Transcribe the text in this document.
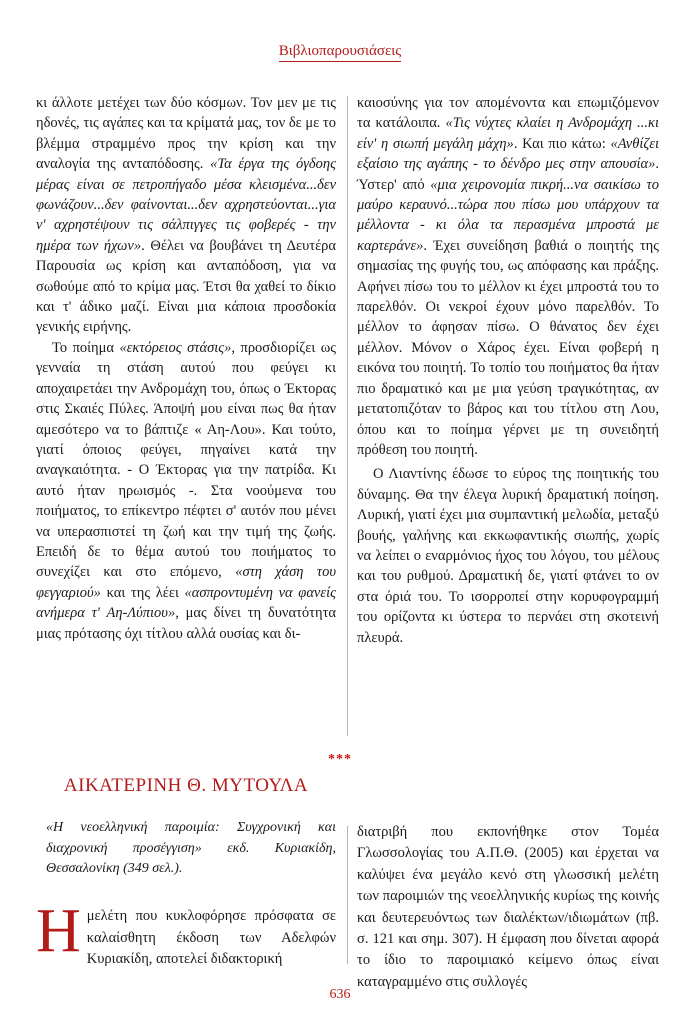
Βιβλιοπαρουσιάσεις

κι άλλοτε μετέχει των δύο κόσμων. Τον μεν με τις ηδονές, τις αγάπες και τα κρίματά μας, τον δε με το βλέμμα στραμμένο προς την κρίση και την αναλογία της ανταπόδοσης. «Τα έργα της όγδοης μέρας είναι σε πετροπήγαδο μέσα κλεισμένα...δεν φωνάζουν...δεν φαίνονται...δεν αχρηστεύονται...για ν' αχρηστέψουν τις σάλπιγγες τις φοβερές - την ημέρα των ήχων». Θέλει να βουβάνει τη Δευτέρα Παρουσία ως κρίση και ανταπόδοση, για να σωθούμε από το κρίμα μας. Έτσι θα χαθεί το δίκιο και τ' άδικο μαζί. Είναι μια κάποια προσδοκία γενικής ειρήνης.

Το ποίημα «εκτόρειος στάσις», προσδιορίζει ως γενναία τη στάση αυτού που φεύγει κι αποχαιρετάει την Ανδρομάχη του, όπως ο Έκτορας στις Σκαιές Πύλες. Άποψή μου είναι πως θα ήταν αμεσότερο να το βάπτιζε « Αη-Λου». Και τούτο, γιατί όποιος φεύγει, πηγαίνει κατά την αναγκαιότητα. - Ο Έκτορας για την πατρίδα. Κι αυτό ήταν ηρωισμός -. Στα νοούμενα του ποιήματος, το επίκεντρο πέφτει σ' αυτόν που μένει να υπερασπιστεί τη ζωή και την τιμή της ζωής. Επειδή δε το θέμα αυτού του ποιήματος το συνεχίζει και στο επόμενο, «στη χάση του φεγγαριού» και της λέει «ασπροντυμένη να φανείς ανήμερα τ' Αη-Λύπιου», μας δίνει τη δυνατότητα μιας πρότασης όχι τίτλου αλλά ουσίας και δι-

καιοσύνης για τον απομένοντα και επωμιζόμενον τα κατάλοιπα. «Τις νύχτες κλαίει η Ανδρομάχη ...κι είν' η σιωπή μεγάλη μάχη». Και πιο κάτω: «Ανθίζει εξαίσιο της αγάπης - το δένδρο μες στην απουσία». Ύστερ' από «μια χειρονομία πικρή...να σαικίσω το μαύρο κεραυνό...τώρα που πίσω μου υπάρχουν τα μέλλοντα - κι όλα τα περασμένα μπροστά με καρτεράνε». Έχει συνείδηση βαθιά ο ποιητής της σημασίας της φυγής του, ως απόφασης και πράξης. Αφήνει πίσω του το μέλλον κι έχει μπροστά του το παρελθόν. Οι νεκροί έχουν μόνο παρελθόν. Το μέλλον το άφησαν πίσω. Ο θάνατος δεν έχει μέλλον. Μόνον ο Χάρος έχει. Είναι φοβερή η εικόνα του ποιητή. Το τοπίο του ποιήματος θα ήταν πιο δραματικό και με μια γεύση τραγικότητας, αν μετατοπιζόταν το βάρος και του τίτλου στη Λου, όπου και το ποίημα γέρνει με τη συνειδητή πρόθεση του ποιητή.

Ο Λιαντίνης έδωσε το εύρος της ποιητικής του δύναμης. Θα την έλεγα λυρική δραματική ποίηση. Λυρική, γιατί έχει μια συμπαντική μελωδία, μεταξύ βουής, γαλήνης και εκκωφαντικής σιωπής, χωρίς να λείπει ο εναρμόνιος ήχος του λόγου, του μέλους και του ρυθμού. Δραματική δε, γιατί φτάνει το ον στα όριά του. Το ισορροπεί στην κορυφογραμμή του ορίζοντα κι ύστερα το περνάει στη σκοτεινή πλευρά.

***
ΑΙΚΑΤΕΡΙΝΗ Θ. ΜΥΤΟΥΛΑ
«Η νεοελληνική παροιμία: Συγχρονική και διαχρονική προσέγγιση» εκδ. Κυριακίδη, Θεσσαλονίκη (349 σελ.).
Ημελέτη που κυκλοφόρησε πρόσφατα σε καλαίσθητη έκδοση των Αδελφών Κυριακίδη, αποτελεί διδακτορική
διατριβή που εκπονήθηκε στον Τομέα Γλωσσολογίας του Α.Π.Θ. (2005) και έρχεται να καλύψει ένα μεγάλο κενό στη γλωσσική μελέτη των παροιμιών της νεοελληνικής κυρίως της κοινής και δευτερευόντως των διαλέκτων/ιδιωμάτων (πβ. σ. 121 και σημ. 307). Η έμφαση που δίνεται αφορά το ίδιο το παροιμιακό κείμενο όπως είναι καταγραμμένο στις συλλογές
636
